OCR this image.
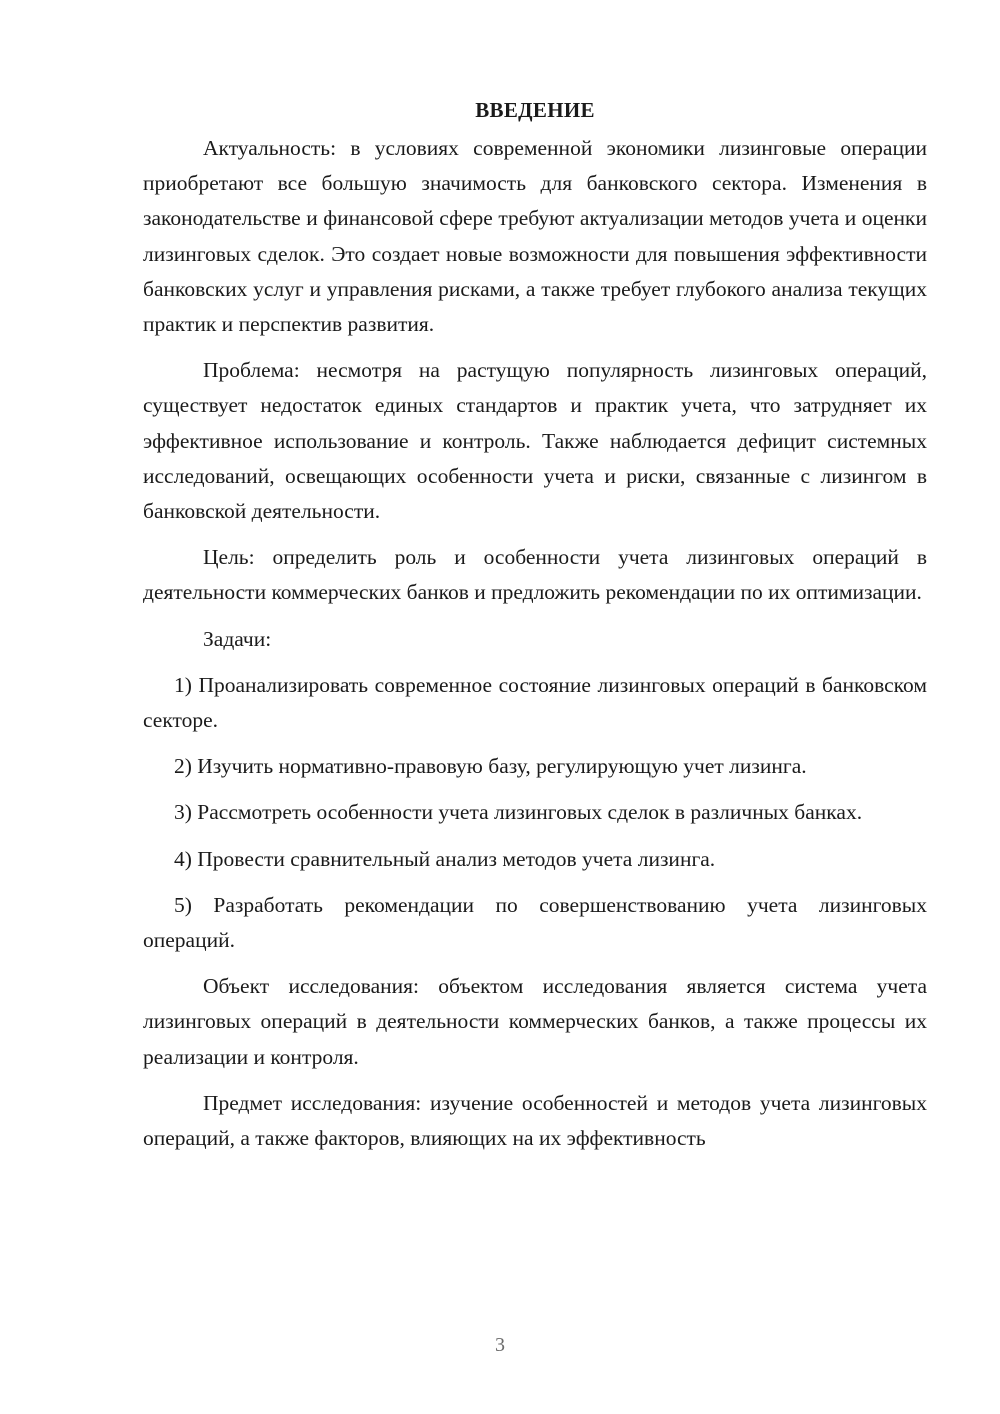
ВВЕДЕНИЕ

Актуальность: в условиях современной экономики лизинговые операции приобретают все большую значимость для банковского сектора. Изменения в законодательстве и финансовой сфере требуют актуализации методов учета и оценки лизинговых сделок. Это создает новые возможности для повышения эффективности банковских услуг и управления рисками, а также требует глубокого анализа текущих практик и перспектив развития.

Проблема: несмотря на растущую популярность лизинговых операций, существует недостаток единых стандартов и практик учета, что затрудняет их эффективное использование и контроль. Также наблюдается дефицит системных исследований, освещающих особенности учета и риски, связанные с лизингом в банковской деятельности.

Цель: определить роль и особенности учета лизинговых операций в деятельности коммерческих банков и предложить рекомендации по их оптимизации.

Задачи:

1) Проанализировать современное состояние лизинговых операций в банковском секторе.

2) Изучить нормативно-правовую базу, регулирующую учет лизинга.

3) Рассмотреть особенности учета лизинговых сделок в различных банках.

4) Провести сравнительный анализ методов учета лизинга.

5) Разработать рекомендации по совершенствованию учета лизинговых операций.

Объект исследования: объектом исследования является система учета лизинговых операций в деятельности коммерческих банков, а также процессы их реализации и контроля.

Предмет исследования: изучение особенностей и методов учета лизинговых операций, а также факторов, влияющих на их эффективность

3
